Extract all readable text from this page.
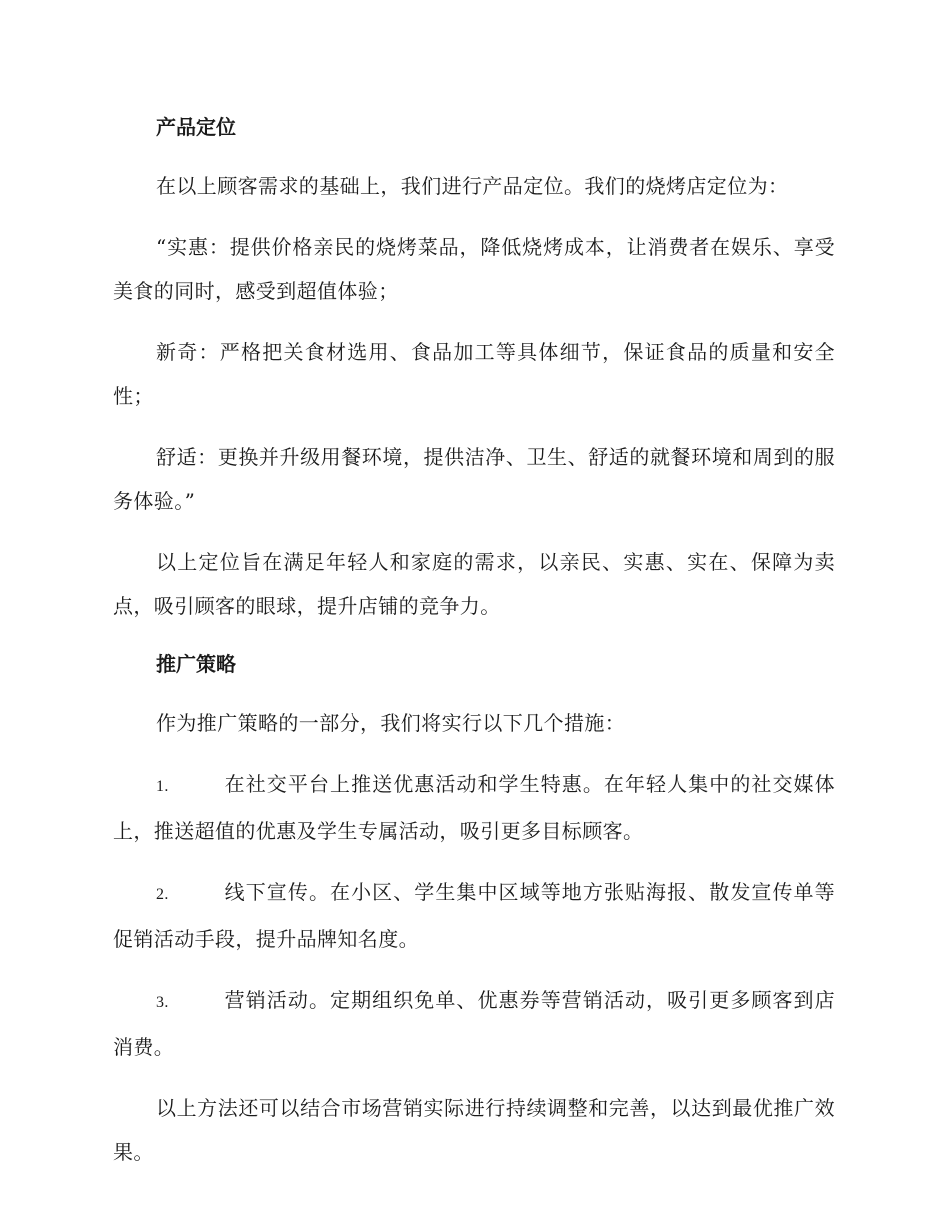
产品定位

在以上顾客需求的基础上，我们进行产品定位。我们的烧烤店定位为：

“实惠：提供价格亲民的烧烤菜品，降低烧烤成本，让消费者在娱乐、享受美食的同时，感受到超值体验；

新奇：严格把关食材选用、食品加工等具体细节，保证食品的质量和安全性；

舒适：更换并升级用餐环境，提供洁净、卫生、舒适的就餐环境和周到的服务体验。”

以上定位旨在满足年轻人和家庭的需求，以亲民、实惠、实在、保障为卖点，吸引顾客的眼球，提升店铺的竞争力。

推广策略

作为推广策略的一部分，我们将实行以下几个措施：

1.	在社交平台上推送优惠活动和学生特惠。在年轻人集中的社交媒体上，推送超值的优惠及学生专属活动，吸引更多目标顾客。

2.	线下宣传。在小区、学生集中区域等地方张贴海报、散发宣传单等促销活动手段，提升品牌知名度。

3.	营销活动。定期组织免单、优惠券等营销活动，吸引更多顾客到店消费。

以上方法还可以结合市场营销实际进行持续调整和完善，以达到最优推广效果。
